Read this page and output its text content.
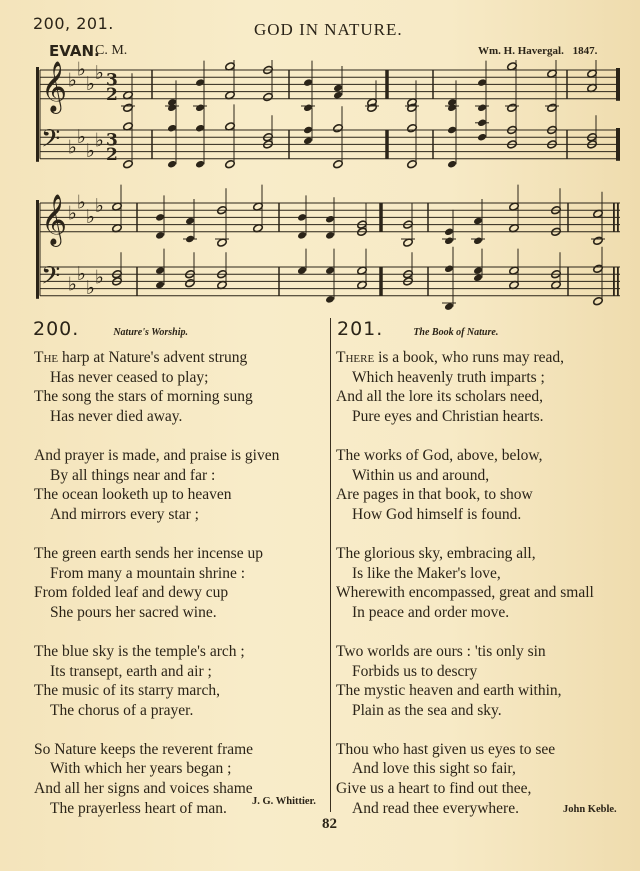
200, 201.	GOD IN NATURE.
EVAN.
C. M.	Wm. H. Havergal. 1847.
𝄞
𝄢
♭
♭
♭
♭
♭
♭
♭
♭
3
2
3
2
𝄞
𝄢
♭
♭
♭
♭
♭
♭
♭
♭
200.	Nature's Worship.
The harp at Nature's advent strung
Has never ceased to play;
The song the stars of morning sung
Has never died away.
And prayer is made, and praise is given
By all things near and far :
The ocean looketh up to heaven
And mirrors every star ;
The green earth sends her incense up
From many a mountain shrine :
From folded leaf and dewy cup
She pours her sacred wine.
The blue sky is the temple's arch ;
Its transept, earth and air ;
The music of its starry march,
The chorus of a prayer.
So Nature keeps the reverent frame
With which her years began ;
And all her signs and voices shame
The prayerless heart of man.	J. G. Whittier.
201.	The Book of Nature.
There is a book, who runs may read,
Which heavenly truth imparts ;
And all the lore its scholars need,
Pure eyes and Christian hearts.
The works of God, above, below,
Within us and around,
Are pages in that book, to show
How God himself is found.
The glorious sky, embracing all,
Is like the Maker's love,
Wherewith encompassed, great and small
In peace and order move.
Two worlds are ours : 'tis only sin
Forbids us to descry
The mystic heaven and earth within,
Plain as the sea and sky.
Thou who hast given us eyes to see
And love this sight so fair,
Give us a heart to find out thee,
And read thee everywhere.	John Keble.
82
